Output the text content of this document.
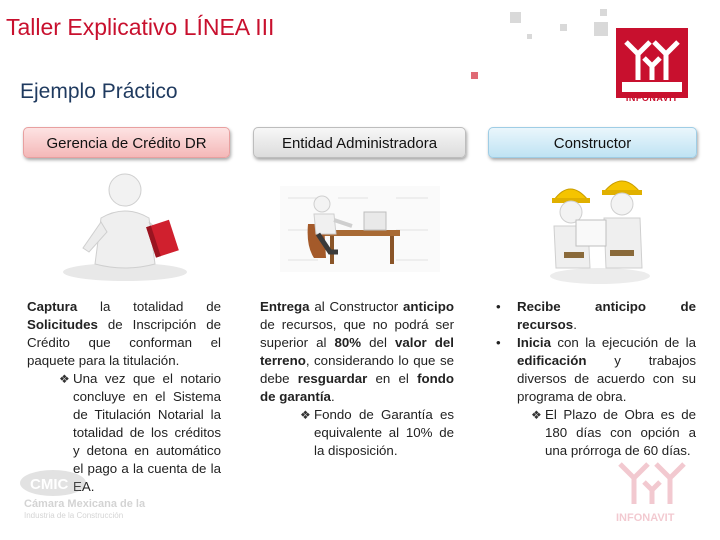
Taller Explicativo LÍNEA III
Ejemplo Práctico	INFONAVIT
Gerencia de Crédito DR	Entidad Administradora	Constructor

Captura la totalidad de Solicitudes de Inscripción de Crédito que conforman el paquete para la titulación.

❖ Una vez que el notario concluye en el Sistema de Titulación Notarial la totalidad de los créditos y detona en automático el pago a la cuenta de la EA.

Entrega al Constructor anticipo de recursos, que no podrá ser superior al 80% del valor del terreno, considerando lo que se debe resguardar en el fondo de garantía.

❖ Fondo de Garantía es equivalente al 10% de la disposición.
•	Recibe anticipo de recursos.
•	Inicia con la ejecución de la edificación y trabajos diversos de acuerdo con su programa de obra.
❖ El Plazo de Obra es de 180 días con opción a una prórroga de 60 días.
CMIC
Cámara Mexicana de la
Industria de la Construcción	INFONAVIT
